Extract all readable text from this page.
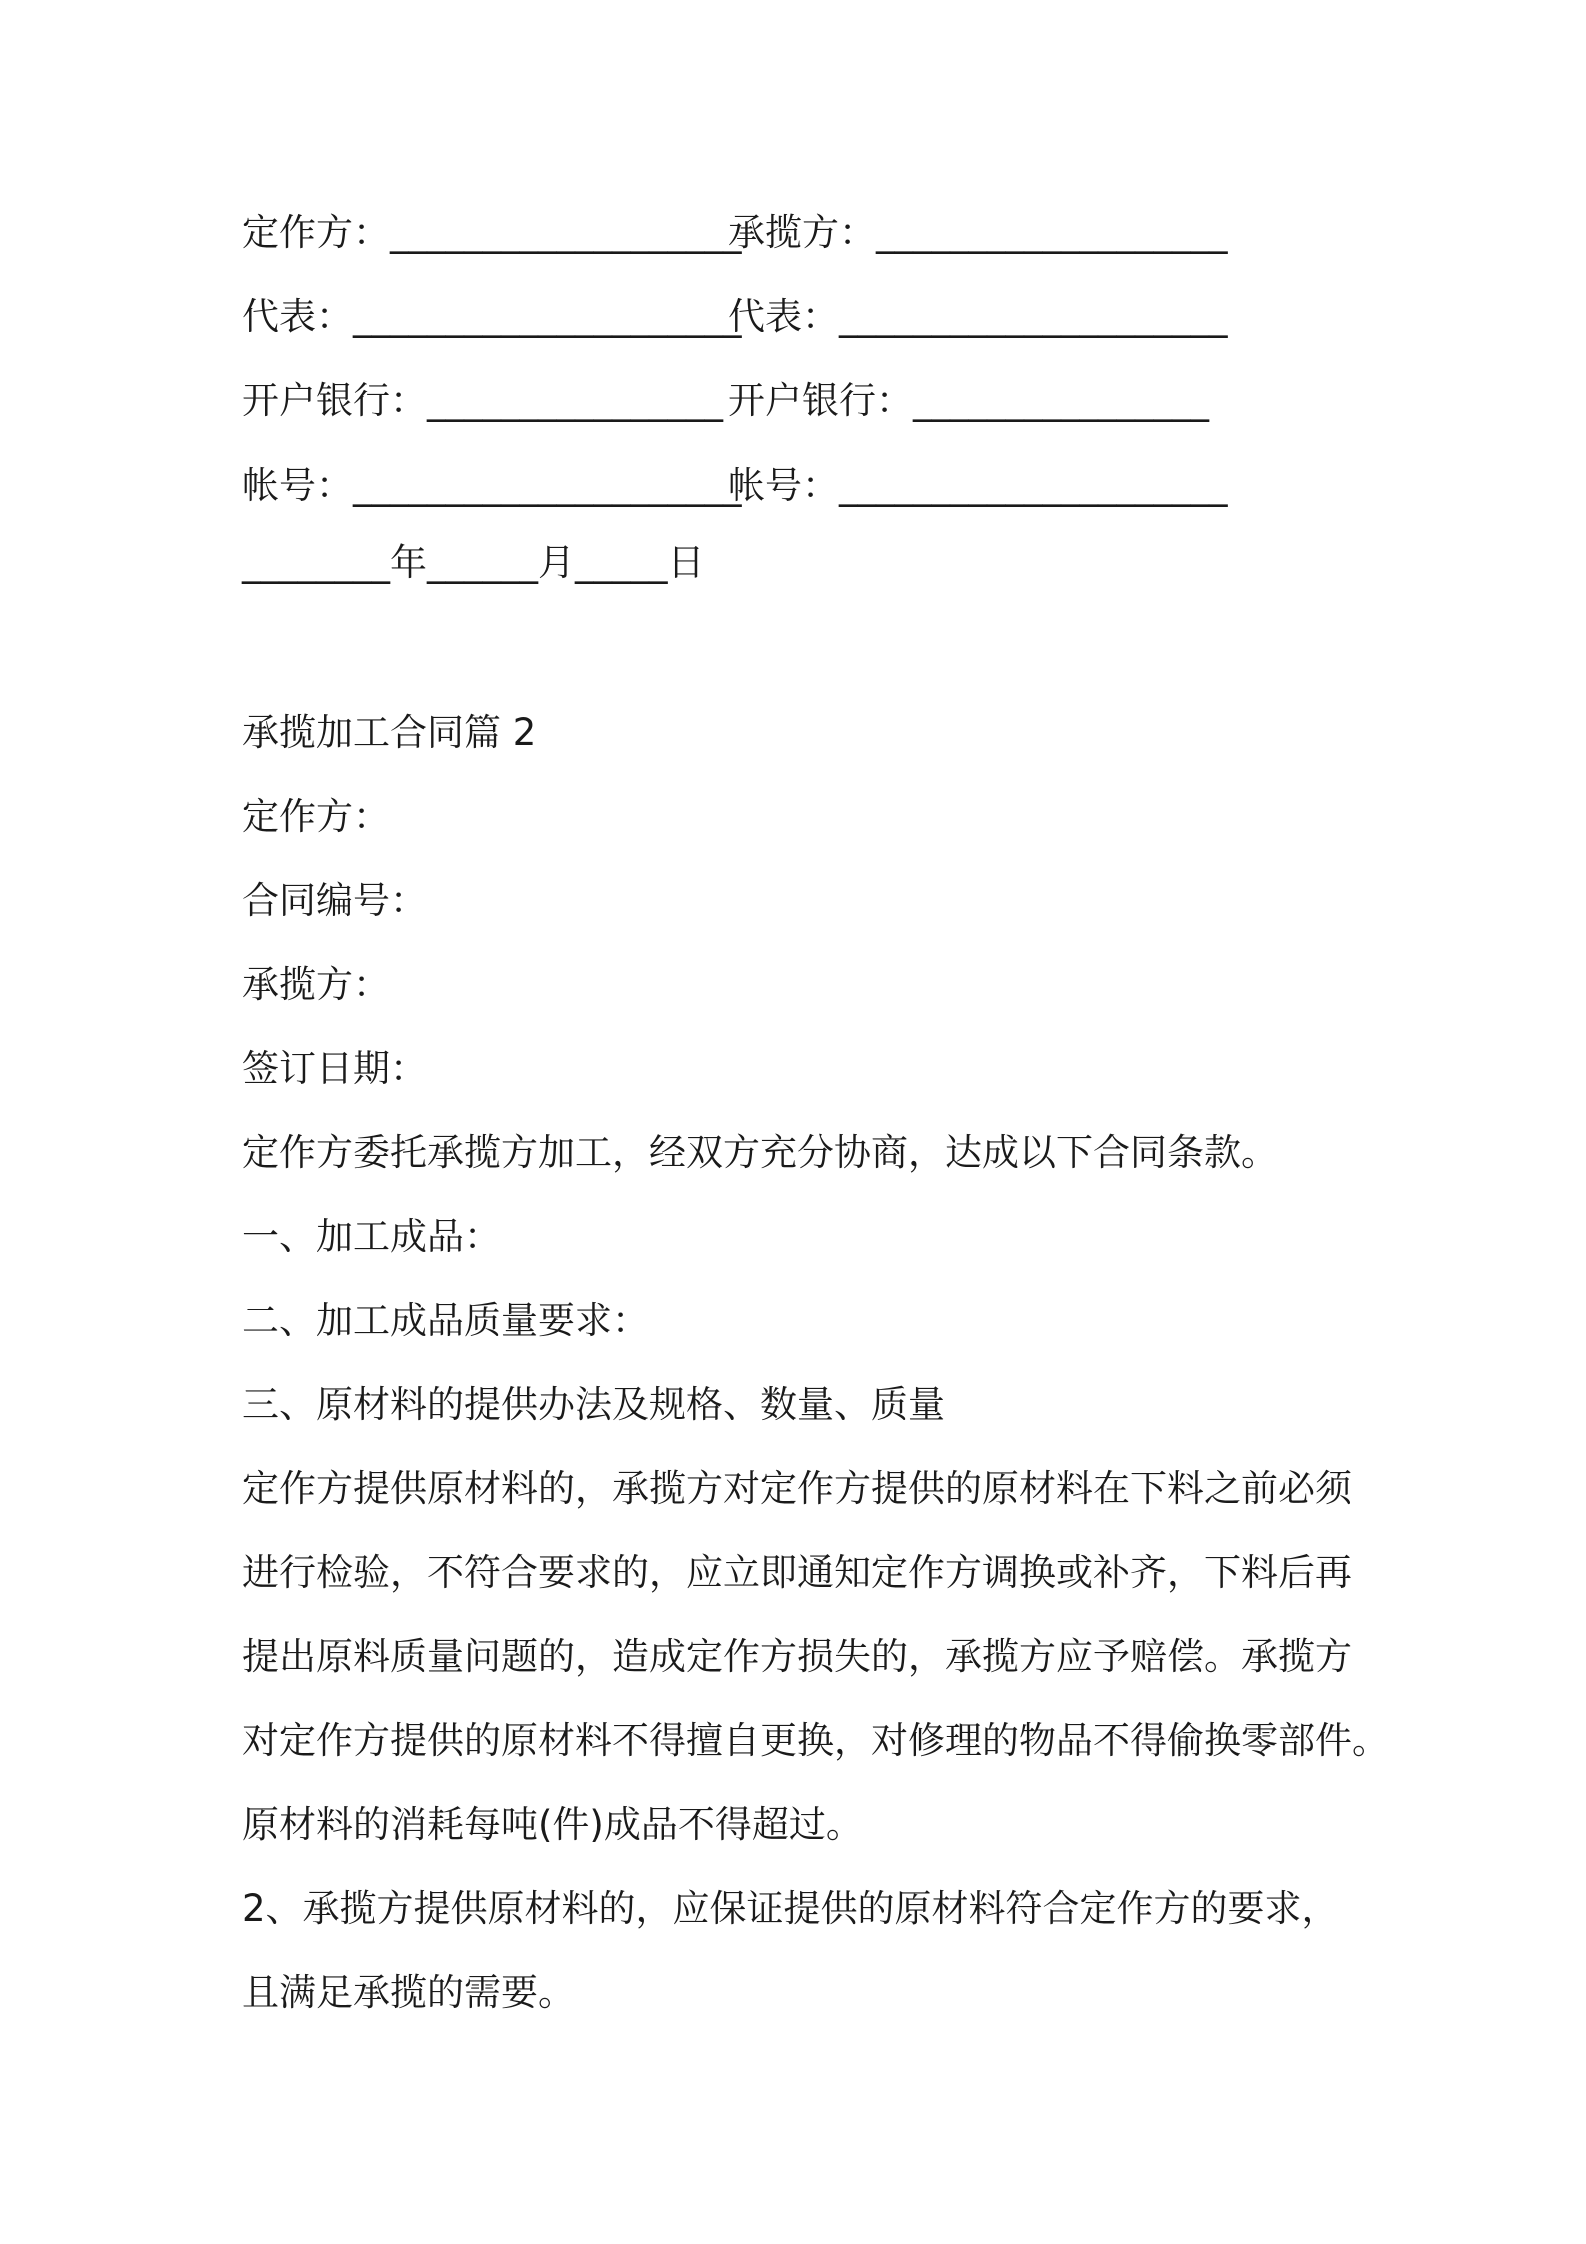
定作方：___________________
承揽方：___________________
代表：_____________________
代表：_____________________
开户银行：________________ 开户银行：________________
帐号：_____________________
帐号：_____________________
________年______月_____日
承揽加工合同篇 2
定作方：
合同编号：
承揽方：
签订日期：
定作方委托承揽方加工，经双方充分协商，达成以下合同条款。
一、加工成品：
二、加工成品质量要求：
三、原材料的提供办法及规格、数量、质量
定作方提供原材料的，承揽方对定作方提供的原材料在下料之前必须
进行检验，不符合要求的，应立即通知定作方调换或补齐，下料后再
提出原料质量问题的，造成定作方损失的，承揽方应予赔偿。承揽方
对定作方提供的原材料不得擅自更换，对修理的物品不得偷换零部件。
原材料的消耗每吨(件)成品不得超过。
2、承揽方提供原材料的，应保证提供的原材料符合定作方的要求，
且满足承揽的需要。
